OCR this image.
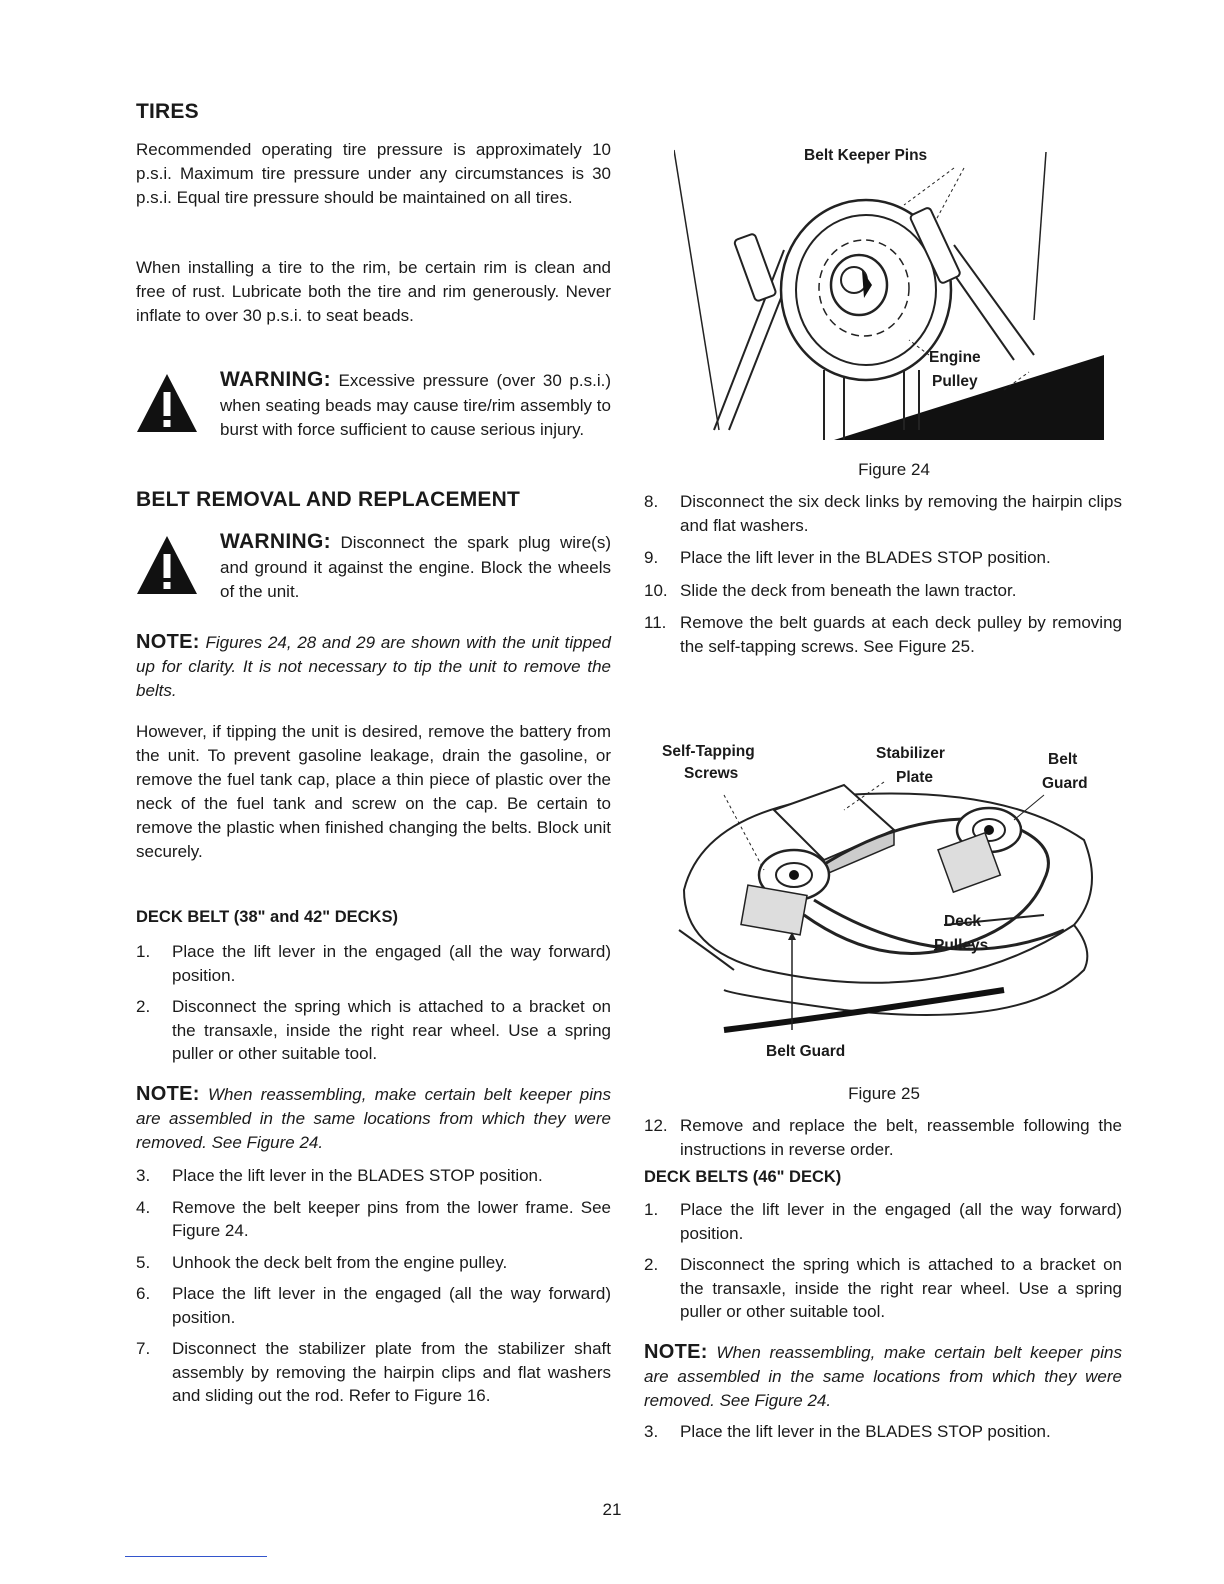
TIRES

Recommended operating tire pressure is approximately 10 p.s.i. Maximum tire pressure under any circumstances is 30 p.s.i. Equal tire pressure should be maintained on all tires.

When installing a tire to the rim, be certain rim is clean and free of rust. Lubricate both the tire and rim generously. Never inflate to over 30 p.s.i. to seat beads.

WARNING: Excessive pressure (over 30 p.s.i.) when seating beads may cause tire/rim assembly to burst with force sufficient to cause serious injury.
BELT REMOVAL AND REPLACEMENT
WARNING: Disconnect the spark plug wire(s) and ground it against the engine. Block the wheels of the unit.

NOTE: Figures 24, 28 and 29 are shown with the unit tipped up for clarity. It is not necessary to tip the unit to remove the belts.

However, if tipping the unit is desired, remove the battery from the unit. To prevent gasoline leakage, drain the gasoline, or remove the fuel tank cap, place a thin piece of plastic over the neck of the fuel tank and screw on the cap. Be certain to remove the plastic when finished changing the belts. Block unit securely.

DECK BELT (38" and 42" DECKS)
1. Place the lift lever in the engaged (all the way forward) position.
2. Disconnect the spring which is attached to a bracket on the transaxle, inside the right rear wheel. Use a spring puller or other suitable tool.

NOTE: When reassembling, make certain belt keeper pins are assembled in the same locations from which they were removed. See Figure 24.

3. Place the lift lever in the BLADES STOP position.
4. Remove the belt keeper pins from the lower frame. See Figure 24.
5. Unhook the deck belt from the engine pulley.
6. Place the lift lever in the engaged (all the way forward) position.
7. Disconnect the stabilizer plate from the stabilizer shaft assembly by removing the hairpin clips and flat washers and sliding out the rod. Refer to Figure 16.
Belt Keeper Pins
Engine
Pulley
Figure 24
8. Disconnect the six deck links by removing the hairpin clips and flat washers.
9. Place the lift lever in the BLADES STOP position.
10. Slide the deck from beneath the lawn tractor.
11. Remove the belt guards at each deck pulley by removing the self-tapping screws. See Figure 25.
Self-Tapping
Screws
Stabilizer
Plate
Belt
Guard
Deck
Pulleys
Belt Guard
Figure 25
12. Remove and replace the belt, reassemble following the instructions in reverse order.
DECK BELTS (46" DECK)
1. Place the lift lever in the engaged (all the way forward) position.
2. Disconnect the spring which is attached to a bracket on the transaxle, inside the right rear wheel. Use a spring puller or other suitable tool.

NOTE: When reassembling, make certain belt keeper pins are assembled in the same locations from which they were removed. See Figure 24.

3. Place the lift lever in the BLADES STOP position.
21
